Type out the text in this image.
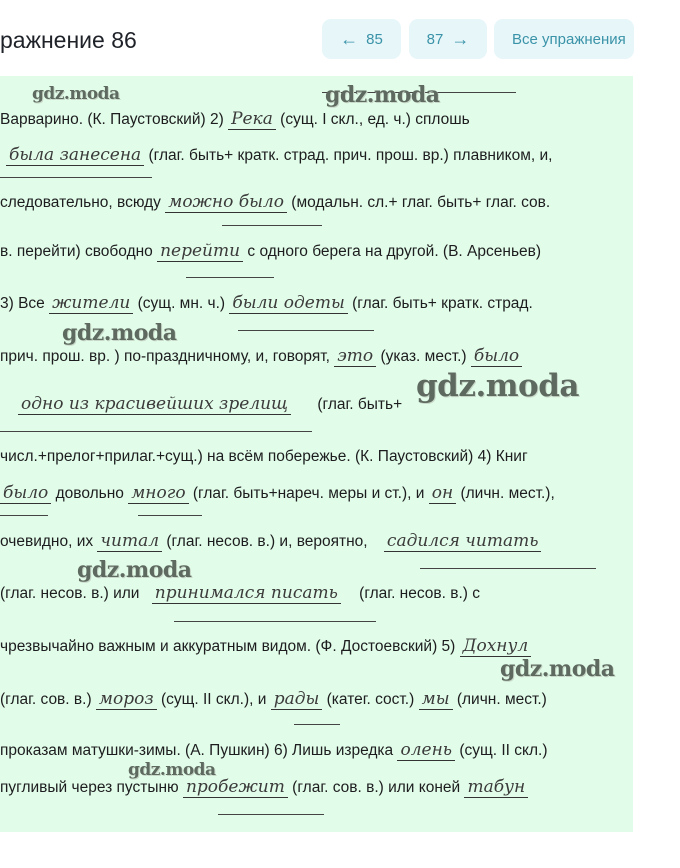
Варварино. (К. Паустовский) 2) Река (сущ. I скл., ед. ч.) сплошь
была занесена (глаг. быть+ кратк. страд. прич. прош. вр.) плавником, и,
следовательно, всюду можно было (модальн. сл.+ глаг. быть+ глаг. сов.
в. перейти) свободно перейти с одного берега на другой. (В. Арсеньев)
3) Все жители (сущ. мн. ч.) были одеты (глаг. быть+ кратк. страд.
прич. прош. вр. ) по-праздничному, и, говорят, это (указ. мест.) было
одно из красивейших зрелищ (глаг. быть+
числ.+прелог+прилаг.+сущ.) на всём побережье. (К. Паустовский) 4) Книг
было довольно много (глаг. быть+нареч. меры и ст.), и он (личн. мест.),
очевидно, их читал (глаг. несов. в.) и, вероятно, садился читать
(глаг. несов. в.) или принимался писать (глаг. несов. в.) с
чрезвычайно важным и аккуратным видом. (Ф. Достоевский) 5) Дохнул
(глаг. сов. в.) мороз (сущ. II скл.), и рады (катег. сост.) мы (личн. мест.)
проказам матушки-зимы. (А. Пушкин) 6) Лишь изредка олень (сущ. II скл.)
пугливый через пустыню пробежит (глаг. сов. в.) или коней табун
gdz.moda	gdz.moda
gdz.moda
gdz.moda
gdz.moda
gdz.moda
gdz.moda
ражнение 86	← 85	87 →	Все упражнения
